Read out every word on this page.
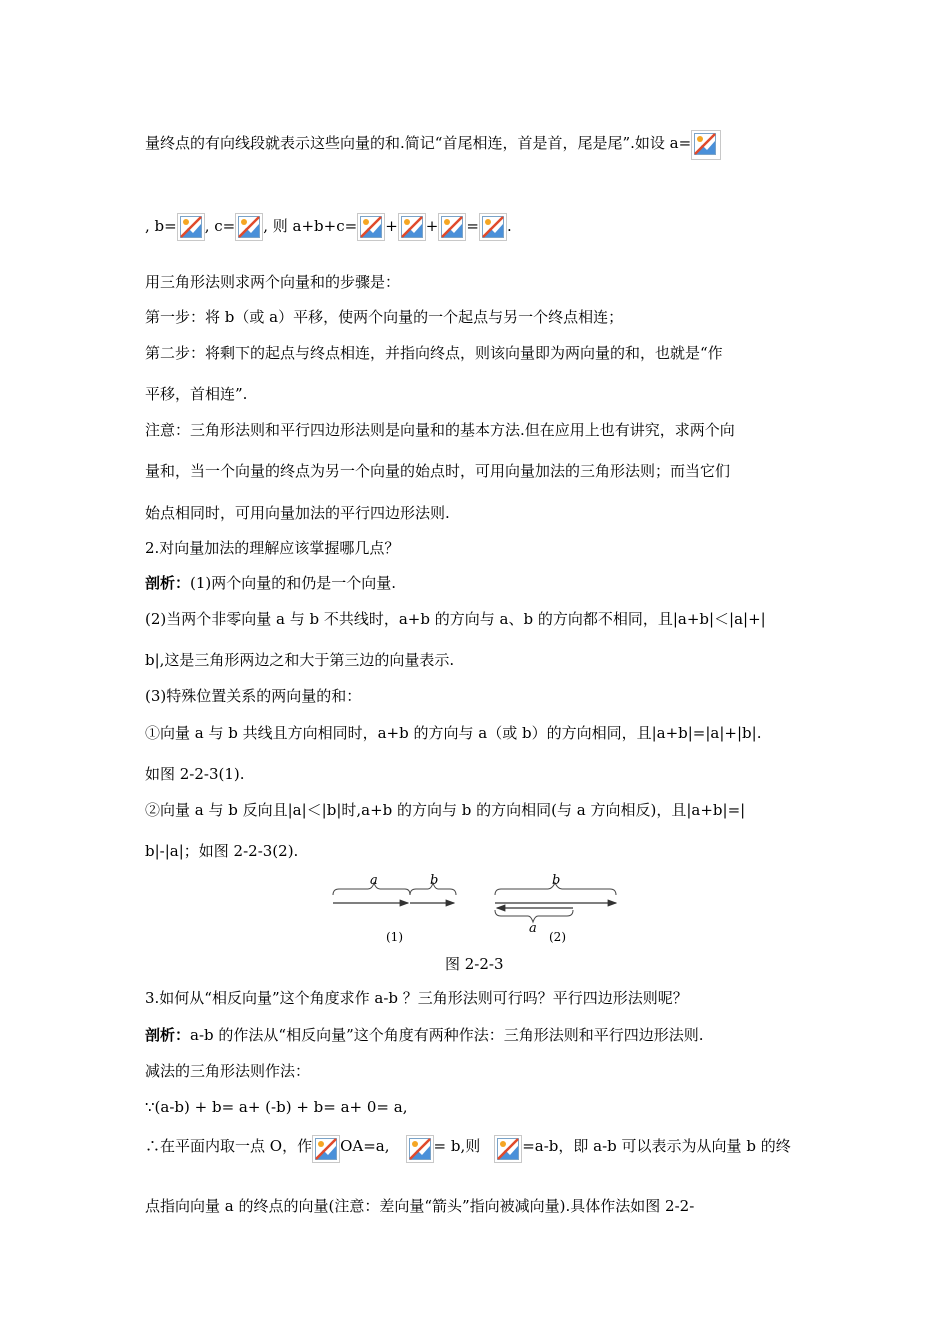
量终点的有向线段就表示这些向量的和.简记“首尾相连，首是首，尾是尾”.如设 a=
, b= , c= , 则 a+b+c= + + = .
用三角形法则求两个向量和的步骤是：
第一步：将 b（或 a）平移，使两个向量的一个起点与另一个终点相连；
第二步：将剩下的起点与终点相连，并指向终点，则该向量即为两向量的和，也就是“作
平移，首相连”.
注意：三角形法则和平行四边形法则是向量和的基本方法.但在应用上也有讲究，求两个向
量和，当一个向量的终点为另一个向量的始点时，可用向量加法的三角形法则；而当它们
始点相同时，可用向量加法的平行四边形法则.
2.对向量加法的理解应该掌握哪几点？
剖析：(1)两个向量的和仍是一个向量.
(2)当两个非零向量 a 与 b 不共线时，a+b 的方向与 a、b 的方向都不相同，且|a+b|＜|a|+|
b|,这是三角形两边之和大于第三边的向量表示.
(3)特殊位置关系的两向量的和：
①向量 a 与 b 共线且方向相同时，a+b 的方向与 a（或 b）的方向相同，且|a+b|=|a|+|b|.
如图 2-2-3(1).
②向量 a 与 b 反向且|a|＜|b|时,a+b 的方向与 b 的方向相同(与 a 方向相反)，且|a+b|=|
b|-|a|；如图 2-2-3(2).
a	b
(1)
b
a
(2)
图 2-2-3
3.如何从“相反向量”这个角度求作 a-b ？三角形法则可行吗？平行四边形法则呢？
剖析：a-b 的作法从“相反向量”这个角度有两种作法：三角形法则和平行四边形法则.
减法的三角形法则作法：
∵(a-b) + b= a+ (-b) + b= a+ 0= a,
∴在平面内取一点 O，作 OA=a,	= b,则	=a-b，即 a-b 可以表示为从向量 b 的终
点指向向量 a 的终点的向量(注意：差向量“箭头”指向被减向量).具体作法如图 2-2-
